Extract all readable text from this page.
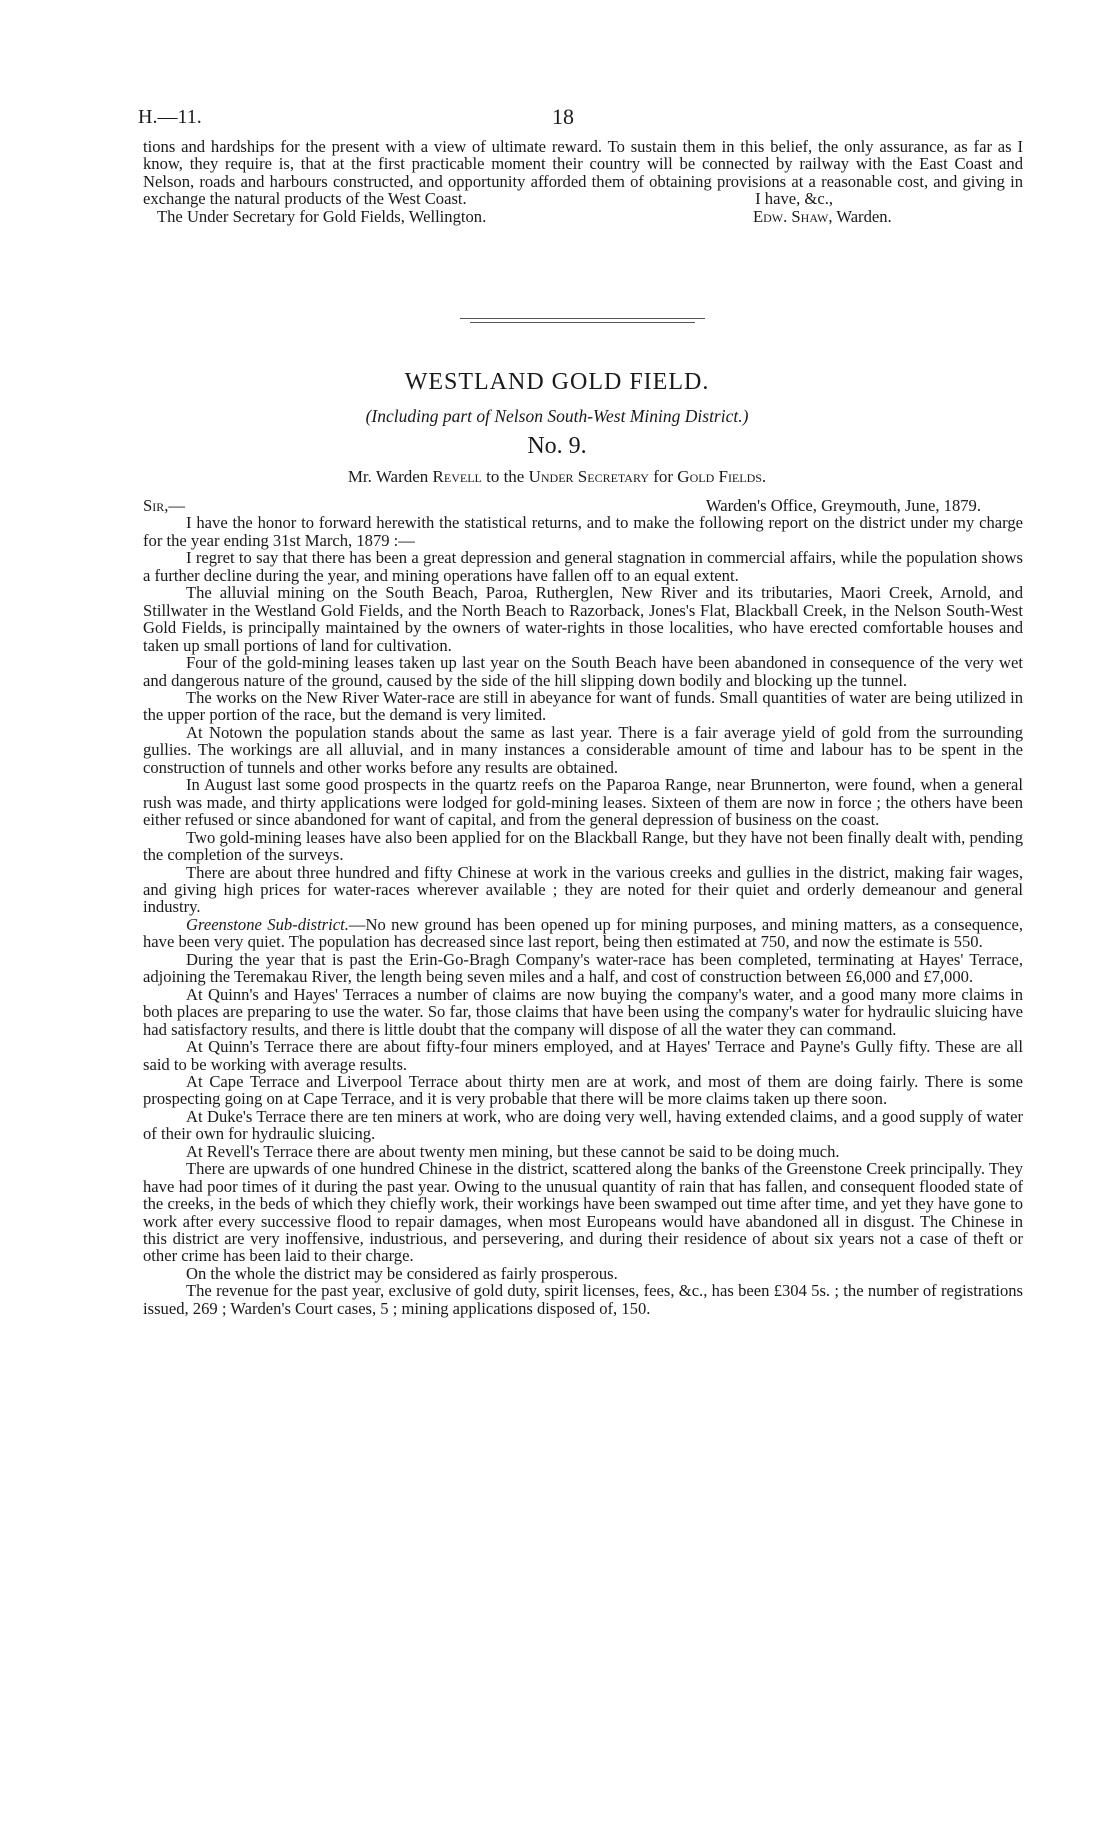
H.—11.	18

tions and hardships for the present with a view of ultimate reward. To sustain them in this belief, the only assurance, as far as I know, they require is, that at the first practicable moment their country will be connected by railway with the East Coast and Nelson, roads and harbours constructed, and opportunity afforded them of obtaining provisions at a reasonable cost, and giving in exchange the natural products of the West Coast.	I have, &c.,
The Under Secretary for Gold Fields, Wellington.	Edw. Shaw, Warden.
WESTLAND GOLD FIELD.
(Including part of Nelson South-West Mining District.)
No. 9.
Mr. Warden Revell to the Under Secretary for Gold Fields.
Sir,—	Warden's Office, Greymouth, June, 1879.

I have the honor to forward herewith the statistical returns, and to make the following report on the district under my charge for the year ending 31st March, 1879 :—

I regret to say that there has been a great depression and general stagnation in commercial affairs, while the population shows a further decline during the year, and mining operations have fallen off to an equal extent.

The alluvial mining on the South Beach, Paroa, Rutherglen, New River and its tributaries, Maori Creek, Arnold, and Stillwater in the Westland Gold Fields, and the North Beach to Razorback, Jones's Flat, Blackball Creek, in the Nelson South-West Gold Fields, is principally maintained by the owners of water-rights in those localities, who have erected comfortable houses and taken up small portions of land for cultivation.

Four of the gold-mining leases taken up last year on the South Beach have been abandoned in consequence of the very wet and dangerous nature of the ground, caused by the side of the hill slipping down bodily and blocking up the tunnel.

The works on the New River Water-race are still in abeyance for want of funds. Small quantities of water are being utilized in the upper portion of the race, but the demand is very limited.

At Notown the population stands about the same as last year. There is a fair average yield of gold from the surrounding gullies. The workings are all alluvial, and in many instances a considerable amount of time and labour has to be spent in the construction of tunnels and other works before any results are obtained.

In August last some good prospects in the quartz reefs on the Paparoa Range, near Brunnerton, were found, when a general rush was made, and thirty applications were lodged for gold-mining leases. Sixteen of them are now in force ; the others have been either refused or since abandoned for want of capital, and from the general depression of business on the coast.

Two gold-mining leases have also been applied for on the Blackball Range, but they have not been finally dealt with, pending the completion of the surveys.

There are about three hundred and fifty Chinese at work in the various creeks and gullies in the district, making fair wages, and giving high prices for water-races wherever available ; they are noted for their quiet and orderly demeanour and general industry.

Greenstone Sub-district.—No new ground has been opened up for mining purposes, and mining matters, as a consequence, have been very quiet. The population has decreased since last report, being then estimated at 750, and now the estimate is 550.

During the year that is past the Erin-Go-Bragh Company's water-race has been completed, terminating at Hayes' Terrace, adjoining the Teremakau River, the length being seven miles and a half, and cost of construction between £6,000 and £7,000.

At Quinn's and Hayes' Terraces a number of claims are now buying the company's water, and a good many more claims in both places are preparing to use the water. So far, those claims that have been using the company's water for hydraulic sluicing have had satisfactory results, and there is little doubt that the company will dispose of all the water they can command.

At Quinn's Terrace there are about fifty-four miners employed, and at Hayes' Terrace and Payne's Gully fifty. These are all said to be working with average results.

At Cape Terrace and Liverpool Terrace about thirty men are at work, and most of them are doing fairly. There is some prospecting going on at Cape Terrace, and it is very probable that there will be more claims taken up there soon.

At Duke's Terrace there are ten miners at work, who are doing very well, having extended claims, and a good supply of water of their own for hydraulic sluicing.

At Revell's Terrace there are about twenty men mining, but these cannot be said to be doing much.

There are upwards of one hundred Chinese in the district, scattered along the banks of the Greenstone Creek principally. They have had poor times of it during the past year. Owing to the unusual quantity of rain that has fallen, and consequent flooded state of the creeks, in the beds of which they chiefly work, their workings have been swamped out time after time, and yet they have gone to work after every successive flood to repair damages, when most Europeans would have abandoned all in disgust. The Chinese in this district are very inoffensive, industrious, and persevering, and during their residence of about six years not a case of theft or other crime has been laid to their charge.

On the whole the district may be considered as fairly prosperous.

The revenue for the past year, exclusive of gold duty, spirit licenses, fees, &c., has been £304 5s. ; the number of registrations issued, 269 ; Warden's Court cases, 5 ; mining applications disposed of, 150.
